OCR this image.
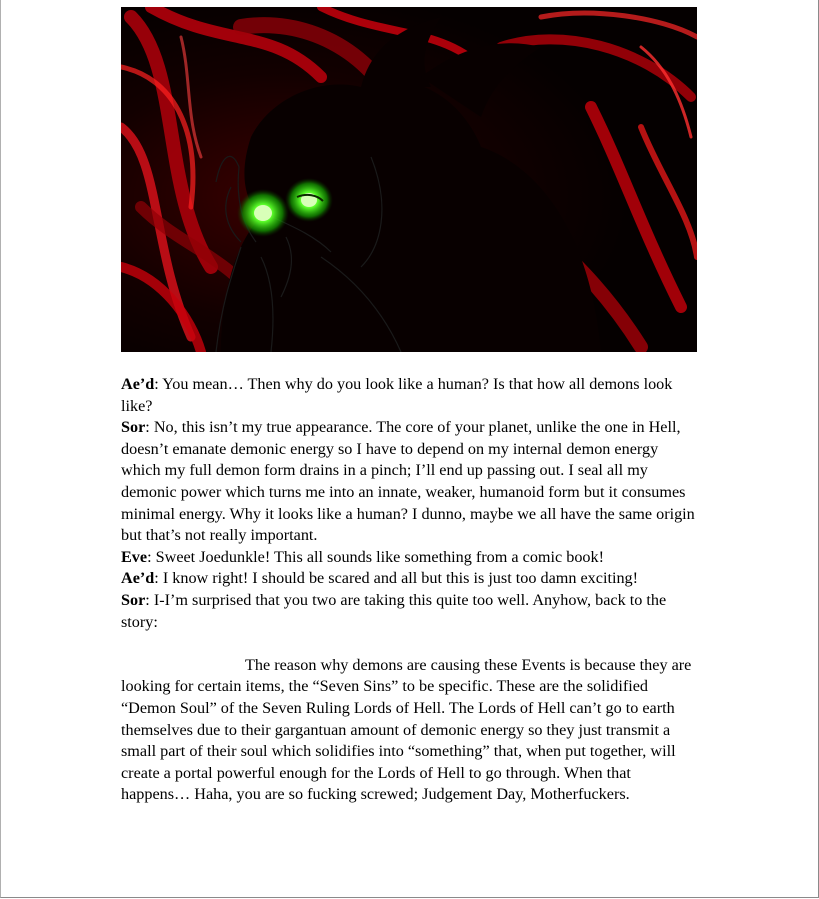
Ae’d: You mean… Then why do you look like a human? Is that how all demons look like?

Sor: No, this isn’t my true appearance. The core of your planet, unlike the one in Hell, doesn’t emanate demonic energy so I have to depend on my internal demon energy which my full demon form drains in a pinch; I’ll end up passing out. I seal all my demonic power which turns me into an innate, weaker, humanoid form but it consumes minimal energy. Why it looks like a human? I dunno, maybe we all have the same origin but that’s not really important.

Eve: Sweet Joedunkle! This all sounds like something from a comic book!

Ae’d: I know right! I should be scared and all but this is just too damn exciting!

Sor: I-I’m surprised that you two are taking this quite too well. Anyhow, back to the story:

The reason why demons are causing these Events is because they are looking for certain items, the “Seven Sins” to be specific. These are the solidified “Demon Soul” of the Seven Ruling Lords of Hell. The Lords of Hell can’t go to earth themselves due to their gargantuan amount of demonic energy so they just transmit a small part of their soul which solidifies into “something” that, when put together, will create a portal powerful enough for the Lords of Hell to go through. When that happens… Haha, you are so fucking screwed; Judgement Day, Motherfuckers.
